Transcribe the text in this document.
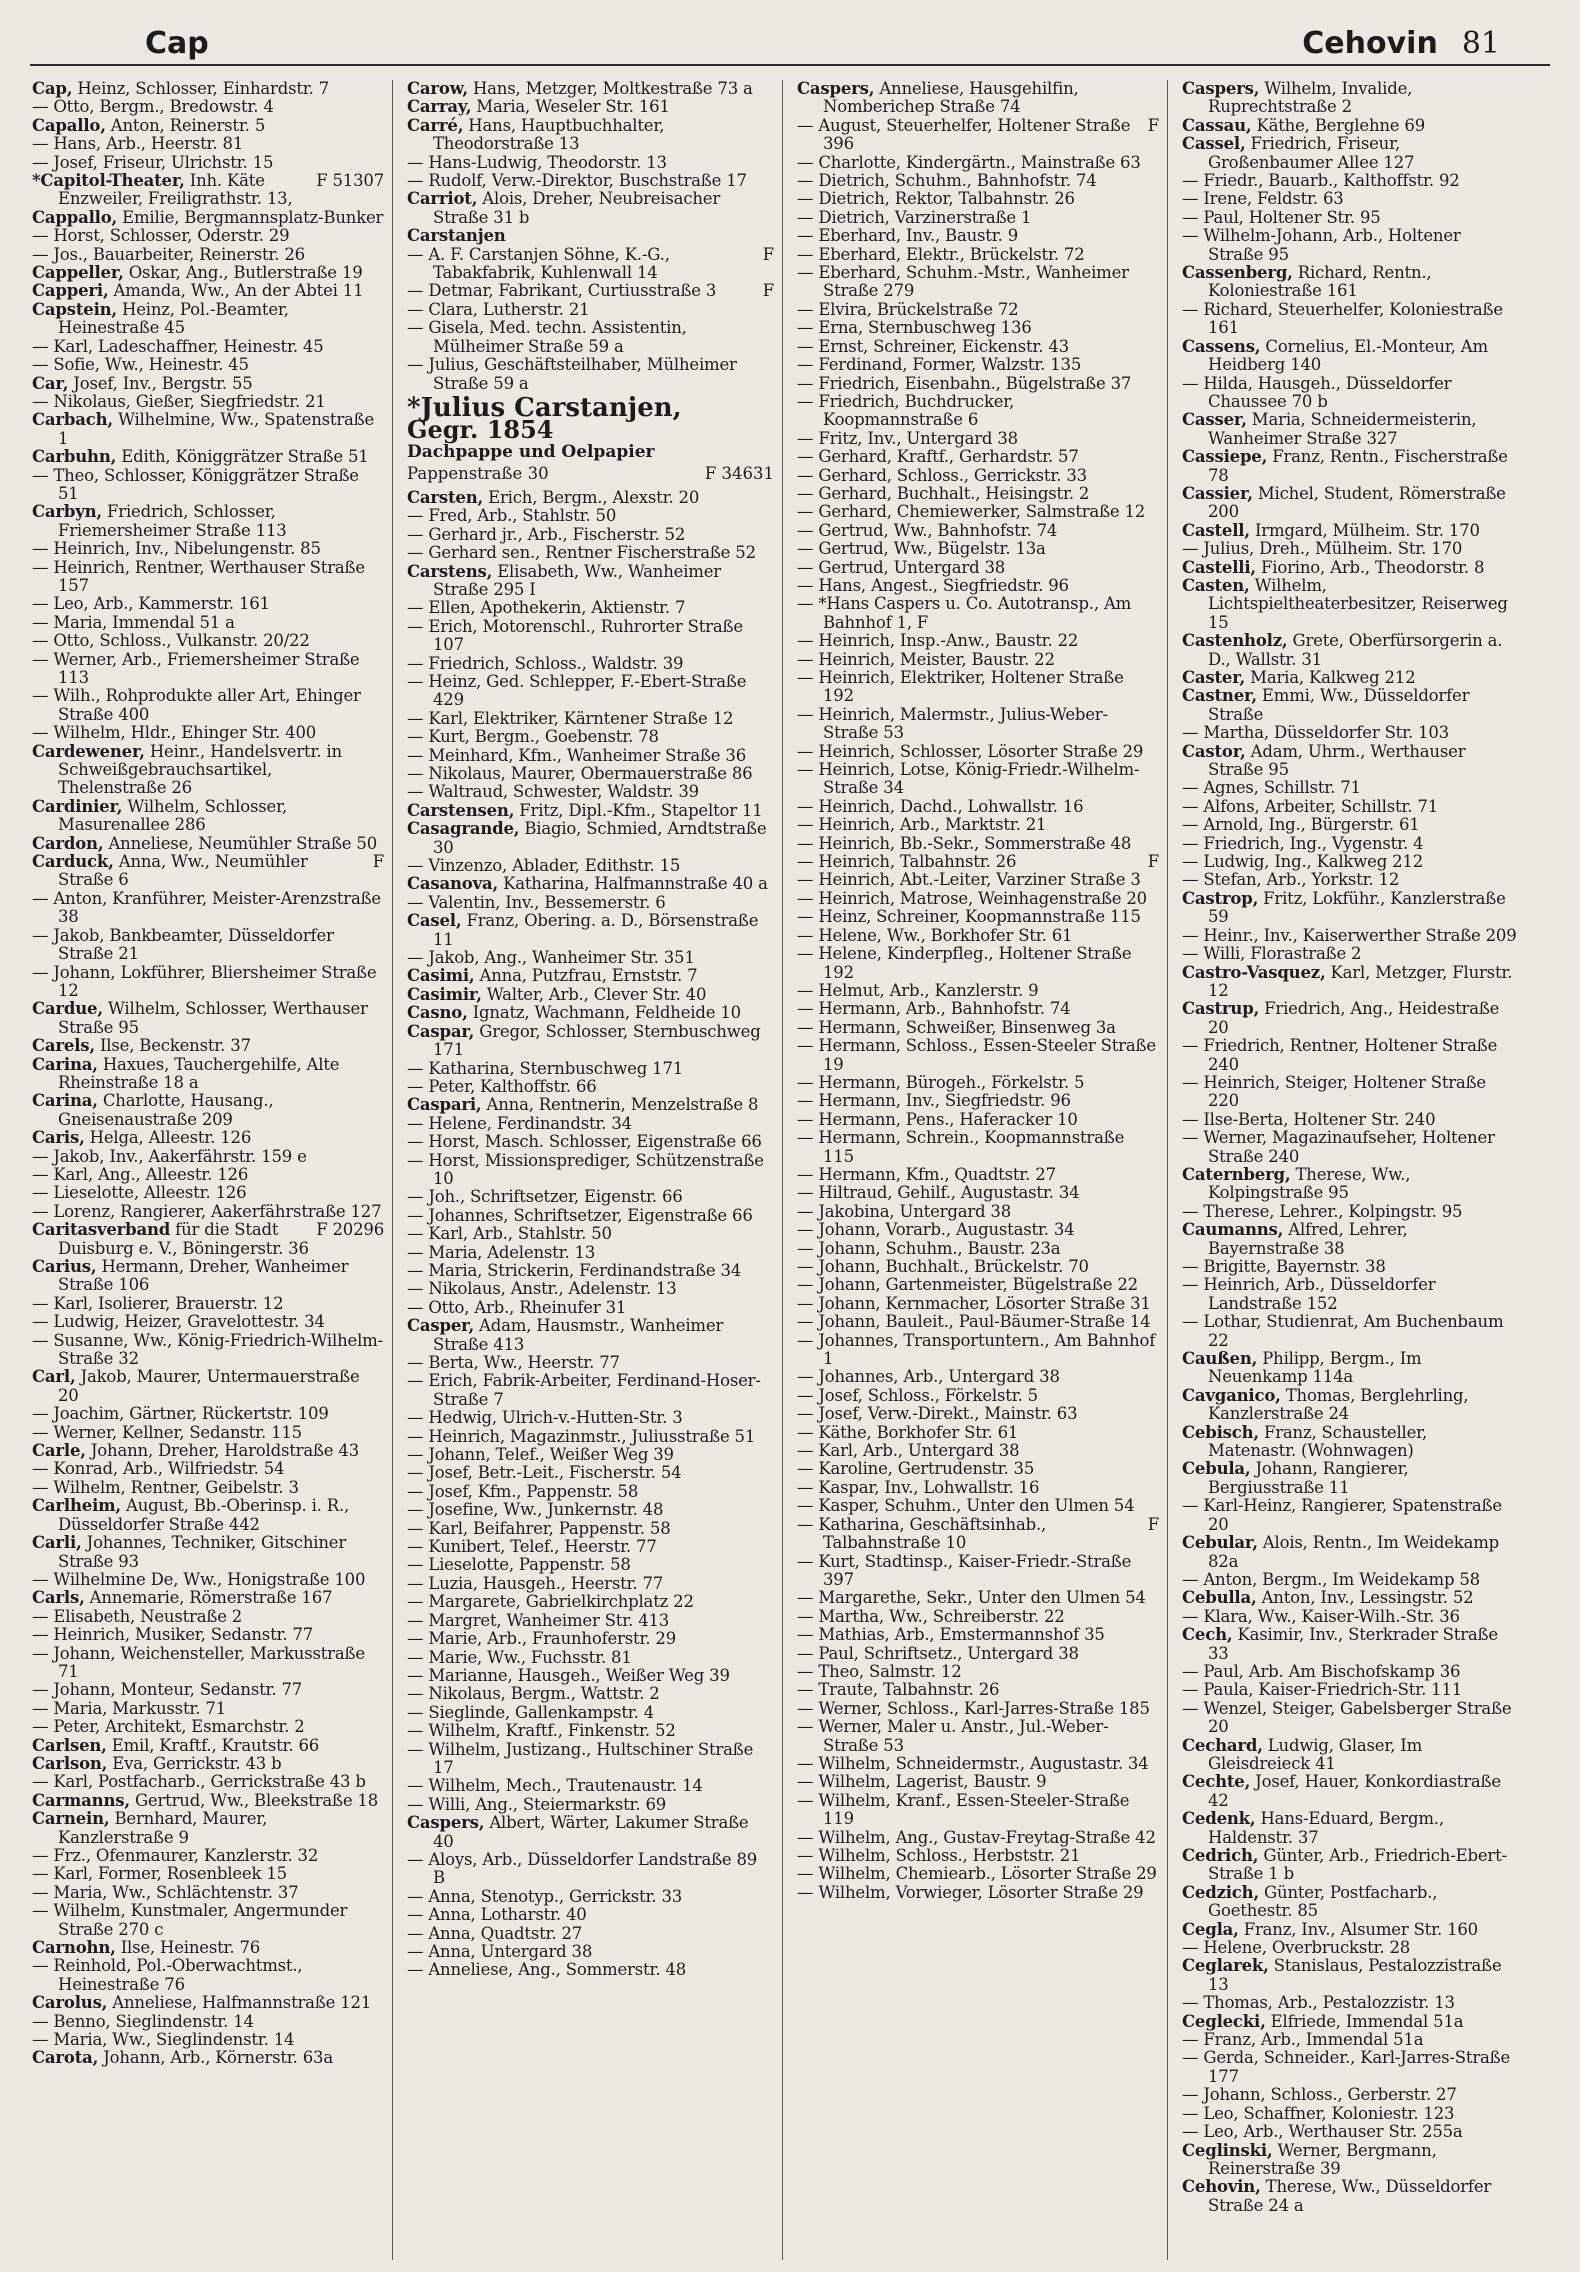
Cap	Cehovin 81
Cap, Heinz, Schlosser, Einhardstr. 7
— Otto, Bergm., Bredowstr. 4
Capallo, Anton, Reinerstr. 5
— Hans, Arb., Heerstr. 81
— Josef, Friseur, Ulrichstr. 15
F 51307
*Capitol-Theater, Inh. Käte Enzweiler, Freiligrathstr. 13,
Cappallo, Emilie, Bergmannsplatz-Bunker
— Horst, Schlosser, Oderstr. 29
— Jos., Bauarbeiter, Reinerstr. 26
Cappeller, Oskar, Ang., Butlerstraße 19
Capperi, Amanda, Ww., An der Abtei 11
Capstein, Heinz, Pol.-Beamter, Heinestraße 45
— Karl, Ladeschaffner, Heinestr. 45
— Sofie, Ww., Heinestr. 45
Car, Josef, Inv., Bergstr. 55
— Nikolaus, Gießer, Siegfriedstr. 21
Carbach, Wilhelmine, Ww., Spatenstraße 1
Carbuhn, Edith, Königgrätzer Straße 51
— Theo, Schlosser, Königgrätzer Straße 51
Carbyn, Friedrich, Schlosser, Friemersheimer Straße 113
— Heinrich, Inv., Nibelungenstr. 85
— Heinrich, Rentner, Werthauser Straße 157
— Leo, Arb., Kammerstr. 161
— Maria, Immendal 51 a
— Otto, Schloss., Vulkanstr. 20/22
— Werner, Arb., Friemersheimer Straße 113
— Wilh., Rohprodukte aller Art, Ehinger Straße 400
— Wilhelm, Hldr., Ehinger Str. 400
Cardewener, Heinr., Handelsvertr. in Schweißgebrauchsartikel, Thelenstraße 26
Cardinier, Wilhelm, Schlosser, Masurenallee 286
Cardon, Anneliese, Neumühler Straße 50
F
Carduck, Anna, Ww., Neumühler Straße 6
— Anton, Kranführer, Meister-Arenzstraße 38
— Jakob, Bankbeamter, Düsseldorfer Straße 21
— Johann, Lokführer, Bliersheimer Straße 12
Cardue, Wilhelm, Schlosser, Werthauser Straße 95
Carels, Ilse, Beckenstr. 37
Carina, Haxues, Tauchergehilfe, Alte Rheinstraße 18 a
Carina, Charlotte, Hausang., Gneisenaustraße 209
Caris, Helga, Alleestr. 126
— Jakob, Inv., Aakerfährstr. 159 e
— Karl, Ang., Alleestr. 126
— Lieselotte, Alleestr. 126
— Lorenz, Rangierer, Aakerfährstraße 127
F 20296
Caritasverband für die Stadt Duisburg e. V., Böningerstr. 36
Carius, Hermann, Dreher, Wanheimer Straße 106
— Karl, Isolierer, Brauerstr. 12
— Ludwig, Heizer, Gravelottestr. 34
— Susanne, Ww., König-Friedrich-Wilhelm-Straße 32
Carl, Jakob, Maurer, Untermauerstraße 20
— Joachim, Gärtner, Rückertstr. 109
— Werner, Kellner, Sedanstr. 115
Carle, Johann, Dreher, Haroldstraße 43
— Konrad, Arb., Wilfriedstr. 54
— Wilhelm, Rentner, Geibelstr. 3
Carlheim, August, Bb.-Oberinsp. i. R., Düsseldorfer Straße 442
Carli, Johannes, Techniker, Gitschiner Straße 93
— Wilhelmine De, Ww., Honigstraße 100
Carls, Annemarie, Römerstraße 167
— Elisabeth, Neustraße 2
— Heinrich, Musiker, Sedanstr. 77
— Johann, Weichensteller, Markusstraße 71
— Johann, Monteur, Sedanstr. 77
— Maria, Markusstr. 71
— Peter, Architekt, Esmarchstr. 2
Carlsen, Emil, Kraftf., Krautstr. 66
Carlson, Eva, Gerrickstr. 43 b
— Karl, Postfacharb., Gerrickstraße 43 b
Carmanns, Gertrud, Ww., Bleekstraße 18
Carnein, Bernhard, Maurer, Kanzlerstraße 9
— Frz., Ofenmaurer, Kanzlerstr. 32
— Karl, Former, Rosenbleek 15
— Maria, Ww., Schlächtenstr. 37
— Wilhelm, Kunstmaler, Angermunder Straße 270 c
Carnohn, Ilse, Heinestr. 76
— Reinhold, Pol.-Oberwachtmst., Heinestraße 76
Carolus, Anneliese, Halfmannstraße 121
— Benno, Sieglindenstr. 14
— Maria, Ww., Sieglindenstr. 14
Carota, Johann, Arb., Körnerstr. 63a
Carow, Hans, Metzger, Moltkestraße 73 a
Carray, Maria, Weseler Str. 161
Carré, Hans, Hauptbuchhalter, Theodorstraße 13
— Hans-Ludwig, Theodorstr. 13
— Rudolf, Verw.-Direktor, Buschstraße 17
Carriot, Alois, Dreher, Neubreisacher Straße 31 b
Carstanjen
F
— A. F. Carstanjen Söhne, K.-G., Tabakfabrik, Kuhlenwall 14
F
— Detmar, Fabrikant, Curtiusstraße 3
— Clara, Lutherstr. 21
— Gisela, Med. techn. Assistentin, Mülheimer Straße 59 a
— Julius, Geschäftsteilhaber, Mülheimer Straße 59 a
*Julius Carstanjen,
Gegr. 1854
Dachpappe und Oelpapier
F 34631
Pappenstraße 30
Carsten, Erich, Bergm., Alexstr. 20
— Fred, Arb., Stahlstr. 50
— Gerhard jr., Arb., Fischerstr. 52
— Gerhard sen., Rentner Fischerstraße 52
Carstens, Elisabeth, Ww., Wanheimer Straße 295 I
— Ellen, Apothekerin, Aktienstr. 7
— Erich, Motorenschl., Ruhrorter Straße 107
— Friedrich, Schloss., Waldstr. 39
— Heinz, Ged. Schlepper, F.-Ebert-Straße 429
— Karl, Elektriker, Kärntener Straße 12
— Kurt, Bergm., Goebenstr. 78
— Meinhard, Kfm., Wanheimer Straße 36
— Nikolaus, Maurer, Obermauerstraße 86
— Waltraud, Schwester, Waldstr. 39
Carstensen, Fritz, Dipl.-Kfm., Stapeltor 11
Casagrande, Biagio, Schmied, Arndtstraße 30
— Vinzenzo, Ablader, Edithstr. 15
Casanova, Katharina, Halfmannstraße 40 a
— Valentin, Inv., Bessemerstr. 6
Casel, Franz, Obering. a. D., Börsenstraße 11
— Jakob, Ang., Wanheimer Str. 351
Casimi, Anna, Putzfrau, Ernststr. 7
Casimir, Walter, Arb., Clever Str. 40
Casno, Ignatz, Wachmann, Feldheide 10
Caspar, Gregor, Schlosser, Sternbuschweg 171
— Katharina, Sternbuschweg 171
— Peter, Kalthoffstr. 66
Caspari, Anna, Rentnerin, Menzelstraße 8
— Helene, Ferdinandstr. 34
— Horst, Masch. Schlosser, Eigenstraße 66
— Horst, Missionsprediger, Schützenstraße 10
— Joh., Schriftsetzer, Eigenstr. 66
— Johannes, Schriftsetzer, Eigenstraße 66
— Karl, Arb., Stahlstr. 50
— Maria, Adelenstr. 13
— Maria, Strickerin, Ferdinandstraße 34
— Nikolaus, Anstr., Adelenstr. 13
— Otto, Arb., Rheinufer 31
Casper, Adam, Hausmstr., Wanheimer Straße 413
— Berta, Ww., Heerstr. 77
— Erich, Fabrik-Arbeiter, Ferdinand-Hoser-Straße 7
— Hedwig, Ulrich-v.-Hutten-Str. 3
— Heinrich, Magazinmstr., Juliusstraße 51
— Johann, Telef., Weißer Weg 39
— Josef, Betr.-Leit., Fischerstr. 54
— Josef, Kfm., Pappenstr. 58
— Josefine, Ww., Junkernstr. 48
— Karl, Beifahrer, Pappenstr. 58
— Kunibert, Telef., Heerstr. 77
— Lieselotte, Pappenstr. 58
— Luzia, Hausgeh., Heerstr. 77
— Margarete, Gabrielkirchplatz 22
— Margret, Wanheimer Str. 413
— Marie, Arb., Fraunhoferstr. 29
— Marie, Ww., Fuchsstr. 81
— Marianne, Hausgeh., Weißer Weg 39
— Nikolaus, Bergm., Wattstr. 2
— Sieglinde, Gallenkampstr. 4
— Wilhelm, Kraftf., Finkenstr. 52
— Wilhelm, Justizang., Hultschiner Straße 17
— Wilhelm, Mech., Trautenaustr. 14
— Willi, Ang., Steiermarkstr. 69
Caspers, Albert, Wärter, Lakumer Straße 40
— Aloys, Arb., Düsseldorfer Landstraße 89 B
— Anna, Stenotyp., Gerrickstr. 33
— Anna, Lotharstr. 40
— Anna, Quadtstr. 27
— Anna, Untergard 38
— Anneliese, Ang., Sommerstr. 48
Caspers, Anneliese, Hausgehilfin, Nomberichер Straße 74
F
— August, Steuerhelfer, Holtener Straße 396
— Charlotte, Kindergärtn., Mainstraße 63
— Dietrich, Schuhm., Bahnhofstr. 74
— Dietrich, Rektor, Talbahnstr. 26
— Dietrich, Varzinerstraße 1
— Eberhard, Inv., Baustr. 9
— Eberhard, Elektr., Brückelstr. 72
— Eberhard, Schuhm.-Mstr., Wanheimer Straße 279
— Elvira, Brückelstraße 72
— Erna, Sternbuschweg 136
— Ernst, Schreiner, Eickenstr. 43
— Ferdinand, Former, Walzstr. 135
— Friedrich, Eisenbahn., Bügelstraße 37
— Friedrich, Buchdrucker, Koopmannstraße 6
— Fritz, Inv., Untergard 38
— Gerhard, Kraftf., Gerhardstr. 57
— Gerhard, Schloss., Gerrickstr. 33
— Gerhard, Buchhalt., Heisingstr. 2
— Gerhard, Chemiewerker, Salmstraße 12
— Gertrud, Ww., Bahnhofstr. 74
— Gertrud, Ww., Bügelstr. 13a
— Gertrud, Untergard 38
— Hans, Angest., Siegfriedstr. 96
— *Hans Caspers u. Co. Autotransp., Am Bahnhof 1, F
— Heinrich, Insp.-Anw., Baustr. 22
— Heinrich, Meister, Baustr. 22
— Heinrich, Elektriker, Holtener Straße 192
— Heinrich, Malermstr., Julius-Weber-Straße 53
— Heinrich, Schlosser, Lösorter Straße 29
— Heinrich, Lotse, König-Friedr.-Wilhelm-Straße 34
— Heinrich, Dachd., Lohwallstr. 16
— Heinrich, Arb., Marktstr. 21
— Heinrich, Bb.-Sekr., Sommerstraße 48
F
— Heinrich, Talbahnstr. 26
— Heinrich, Abt.-Leiter, Varziner Straße 3
— Heinrich, Matrose, Weinhagenstraße 20
— Heinz, Schreiner, Koopmannstraße 115
— Helene, Ww., Borkhofer Str. 61
— Helene, Kinderpfleg., Holtener Straße 192
— Helmut, Arb., Kanzlerstr. 9
— Hermann, Arb., Bahnhofstr. 74
— Hermann, Schweißer, Binsenweg 3a
— Hermann, Schloss., Essen-Steeler Straße 19
— Hermann, Bürogeh., Förkelstr. 5
— Hermann, Inv., Siegfriedstr. 96
— Hermann, Pens., Haferacker 10
— Hermann, Schrein., Koopmannstraße 115
— Hermann, Kfm., Quadtstr. 27
— Hiltraud, Gehilf., Augustastr. 34
— Jakobina, Untergard 38
— Johann, Vorarb., Augustastr. 34
— Johann, Schuhm., Baustr. 23a
— Johann, Buchhalt., Brückelstr. 70
— Johann, Gartenmeister, Bügelstraße 22
— Johann, Kernmacher, Lösorter Straße 31
— Johann, Bauleit., Paul-Bäumer-Straße 14
— Johannes, Transportuntern., Am Bahnhof 1
— Johannes, Arb., Untergard 38
— Josef, Schloss., Förkelstr. 5
— Josef, Verw.-Direkt., Mainstr. 63
— Käthe, Borkhofer Str. 61
— Karl, Arb., Untergard 38
— Karoline, Gertrudenstr. 35
— Kaspar, Inv., Lohwallstr. 16
— Kasper, Schuhm., Unter den Ulmen 54
F
— Katharina, Geschäftsinhab., Talbahnstraße 10
— Kurt, Stadtinsp., Kaiser-Friedr.-Straße 397
— Margarethe, Sekr., Unter den Ulmen 54
— Martha, Ww., Schreiberstr. 22
— Mathias, Arb., Emstermannshof 35
— Paul, Schriftsetz., Untergard 38
— Theo, Salmstr. 12
— Traute, Talbahnstr. 26
— Werner, Schloss., Karl-Jarres-Straße 185
— Werner, Maler u. Anstr., Jul.-Weber-Straße 53
— Wilhelm, Schneidermstr., Augustastr. 34
— Wilhelm, Lagerist, Baustr. 9
— Wilhelm, Kranf., Essen-Steeler-Straße 119
— Wilhelm, Ang., Gustav-Freytag-Straße 42
— Wilhelm, Schloss., Herbststr. 21
— Wilhelm, Chemiearb., Lösorter Straße 29
— Wilhelm, Vorwieger, Lösorter Straße 29
Caspers, Wilhelm, Invalide, Ruprechtstraße 2
Cassau, Käthe, Berglehne 69
Cassel, Friedrich, Friseur, Großenbaumer Allee 127
— Friedr., Bauarb., Kalthoffstr. 92
— Irene, Feldstr. 63
— Paul, Holtener Str. 95
— Wilhelm-Johann, Arb., Holtener Straße 95
Cassenberg, Richard, Rentn., Koloniestraße 161
— Richard, Steuerhelfer, Koloniestraße 161
Cassens, Cornelius, El.-Monteur, Am Heidberg 140
— Hilda, Hausgeh., Düsseldorfer Chaussee 70 b
Casser, Maria, Schneidermeisterin, Wanheimer Straße 327
Cassiepe, Franz, Rentn., Fischerstraße 78
Cassier, Michel, Student, Römerstraße 200
Castell, Irmgard, Mülheim. Str. 170
— Julius, Dreh., Mülheim. Str. 170
Castelli, Fiorino, Arb., Theodorstr. 8
Casten, Wilhelm, Lichtspieltheaterbesitzer, Reiserweg 15
Castenholz, Grete, Oberfürsorgerin a. D., Wallstr. 31
Caster, Maria, Kalkweg 212
Castner, Emmi, Ww., Düsseldorfer Straße
— Martha, Düsseldorfer Str. 103
Castor, Adam, Uhrm., Werthauser Straße 95
— Agnes, Schillstr. 71
— Alfons, Arbeiter, Schillstr. 71
— Arnold, Ing., Bürgerstr. 61
— Friedrich, Ing., Vygenstr. 4
— Ludwig, Ing., Kalkweg 212
— Stefan, Arb., Yorkstr. 12
Castrop, Fritz, Lokführ., Kanzlerstraße 59
— Heinr., Inv., Kaiserwerther Straße 209
— Willi, Florastraße 2
Castro-Vasquez, Karl, Metzger, Flurstr. 12
Castrup, Friedrich, Ang., Heidestraße 20
— Friedrich, Rentner, Holtener Straße 240
— Heinrich, Steiger, Holtener Straße 220
— Ilse-Berta, Holtener Str. 240
— Werner, Magazinaufseher, Holtener Straße 240
Caternberg, Therese, Ww., Kolpingstraße 95
— Therese, Lehrer., Kolpingstr. 95
Caumanns, Alfred, Lehrer, Bayernstraße 38
— Brigitte, Bayernstr. 38
— Heinrich, Arb., Düsseldorfer Landstraße 152
— Lothar, Studienrat, Am Buchenbaum 22
Caußen, Philipp, Bergm., Im Neuenkamp 114a
Cavganico, Thomas, Berglehrling, Kanzlerstraße 24
Cebisch, Franz, Schausteller, Matenastr. (Wohnwagen)
Cebula, Johann, Rangierer, Bergiusstraße 11
— Karl-Heinz, Rangierer, Spatenstraße 20
Cebular, Alois, Rentn., Im Weidekamp 82a
— Anton, Bergm., Im Weidekamp 58
Cebulla, Anton, Inv., Lessingstr. 52
— Klara, Ww., Kaiser-Wilh.-Str. 36
Cech, Kasimir, Inv., Sterkrader Straße 33
— Paul, Arb. Am Bischofskamp 36
— Paula, Kaiser-Friedrich-Str. 111
— Wenzel, Steiger, Gabelsberger Straße 20
Cechard, Ludwig, Glaser, Im Gleisdreieck 41
Cechte, Josef, Hauer, Konkordiastraße 42
Cedenk, Hans-Eduard, Bergm., Haldenstr. 37
Cedrich, Günter, Arb., Friedrich-Ebert-Straße 1 b
Cedzich, Günter, Postfacharb., Goethestr. 85
Cegla, Franz, Inv., Alsumer Str. 160
— Helene, Overbruckstr. 28
Ceglarek, Stanislaus, Pestalozzistraße 13
— Thomas, Arb., Pestalozzistr. 13
Ceglecki, Elfriede, Immendal 51a
— Franz, Arb., Immendal 51a
— Gerda, Schneider., Karl-Jarres-Straße 177
— Johann, Schloss., Gerberstr. 27
— Leo, Schaffner, Koloniestr. 123
— Leo, Arb., Werthauser Str. 255a
Ceglinski, Werner, Bergmann, Reinerstraße 39
Cehovin, Therese, Ww., Düsseldorfer Straße 24 a
